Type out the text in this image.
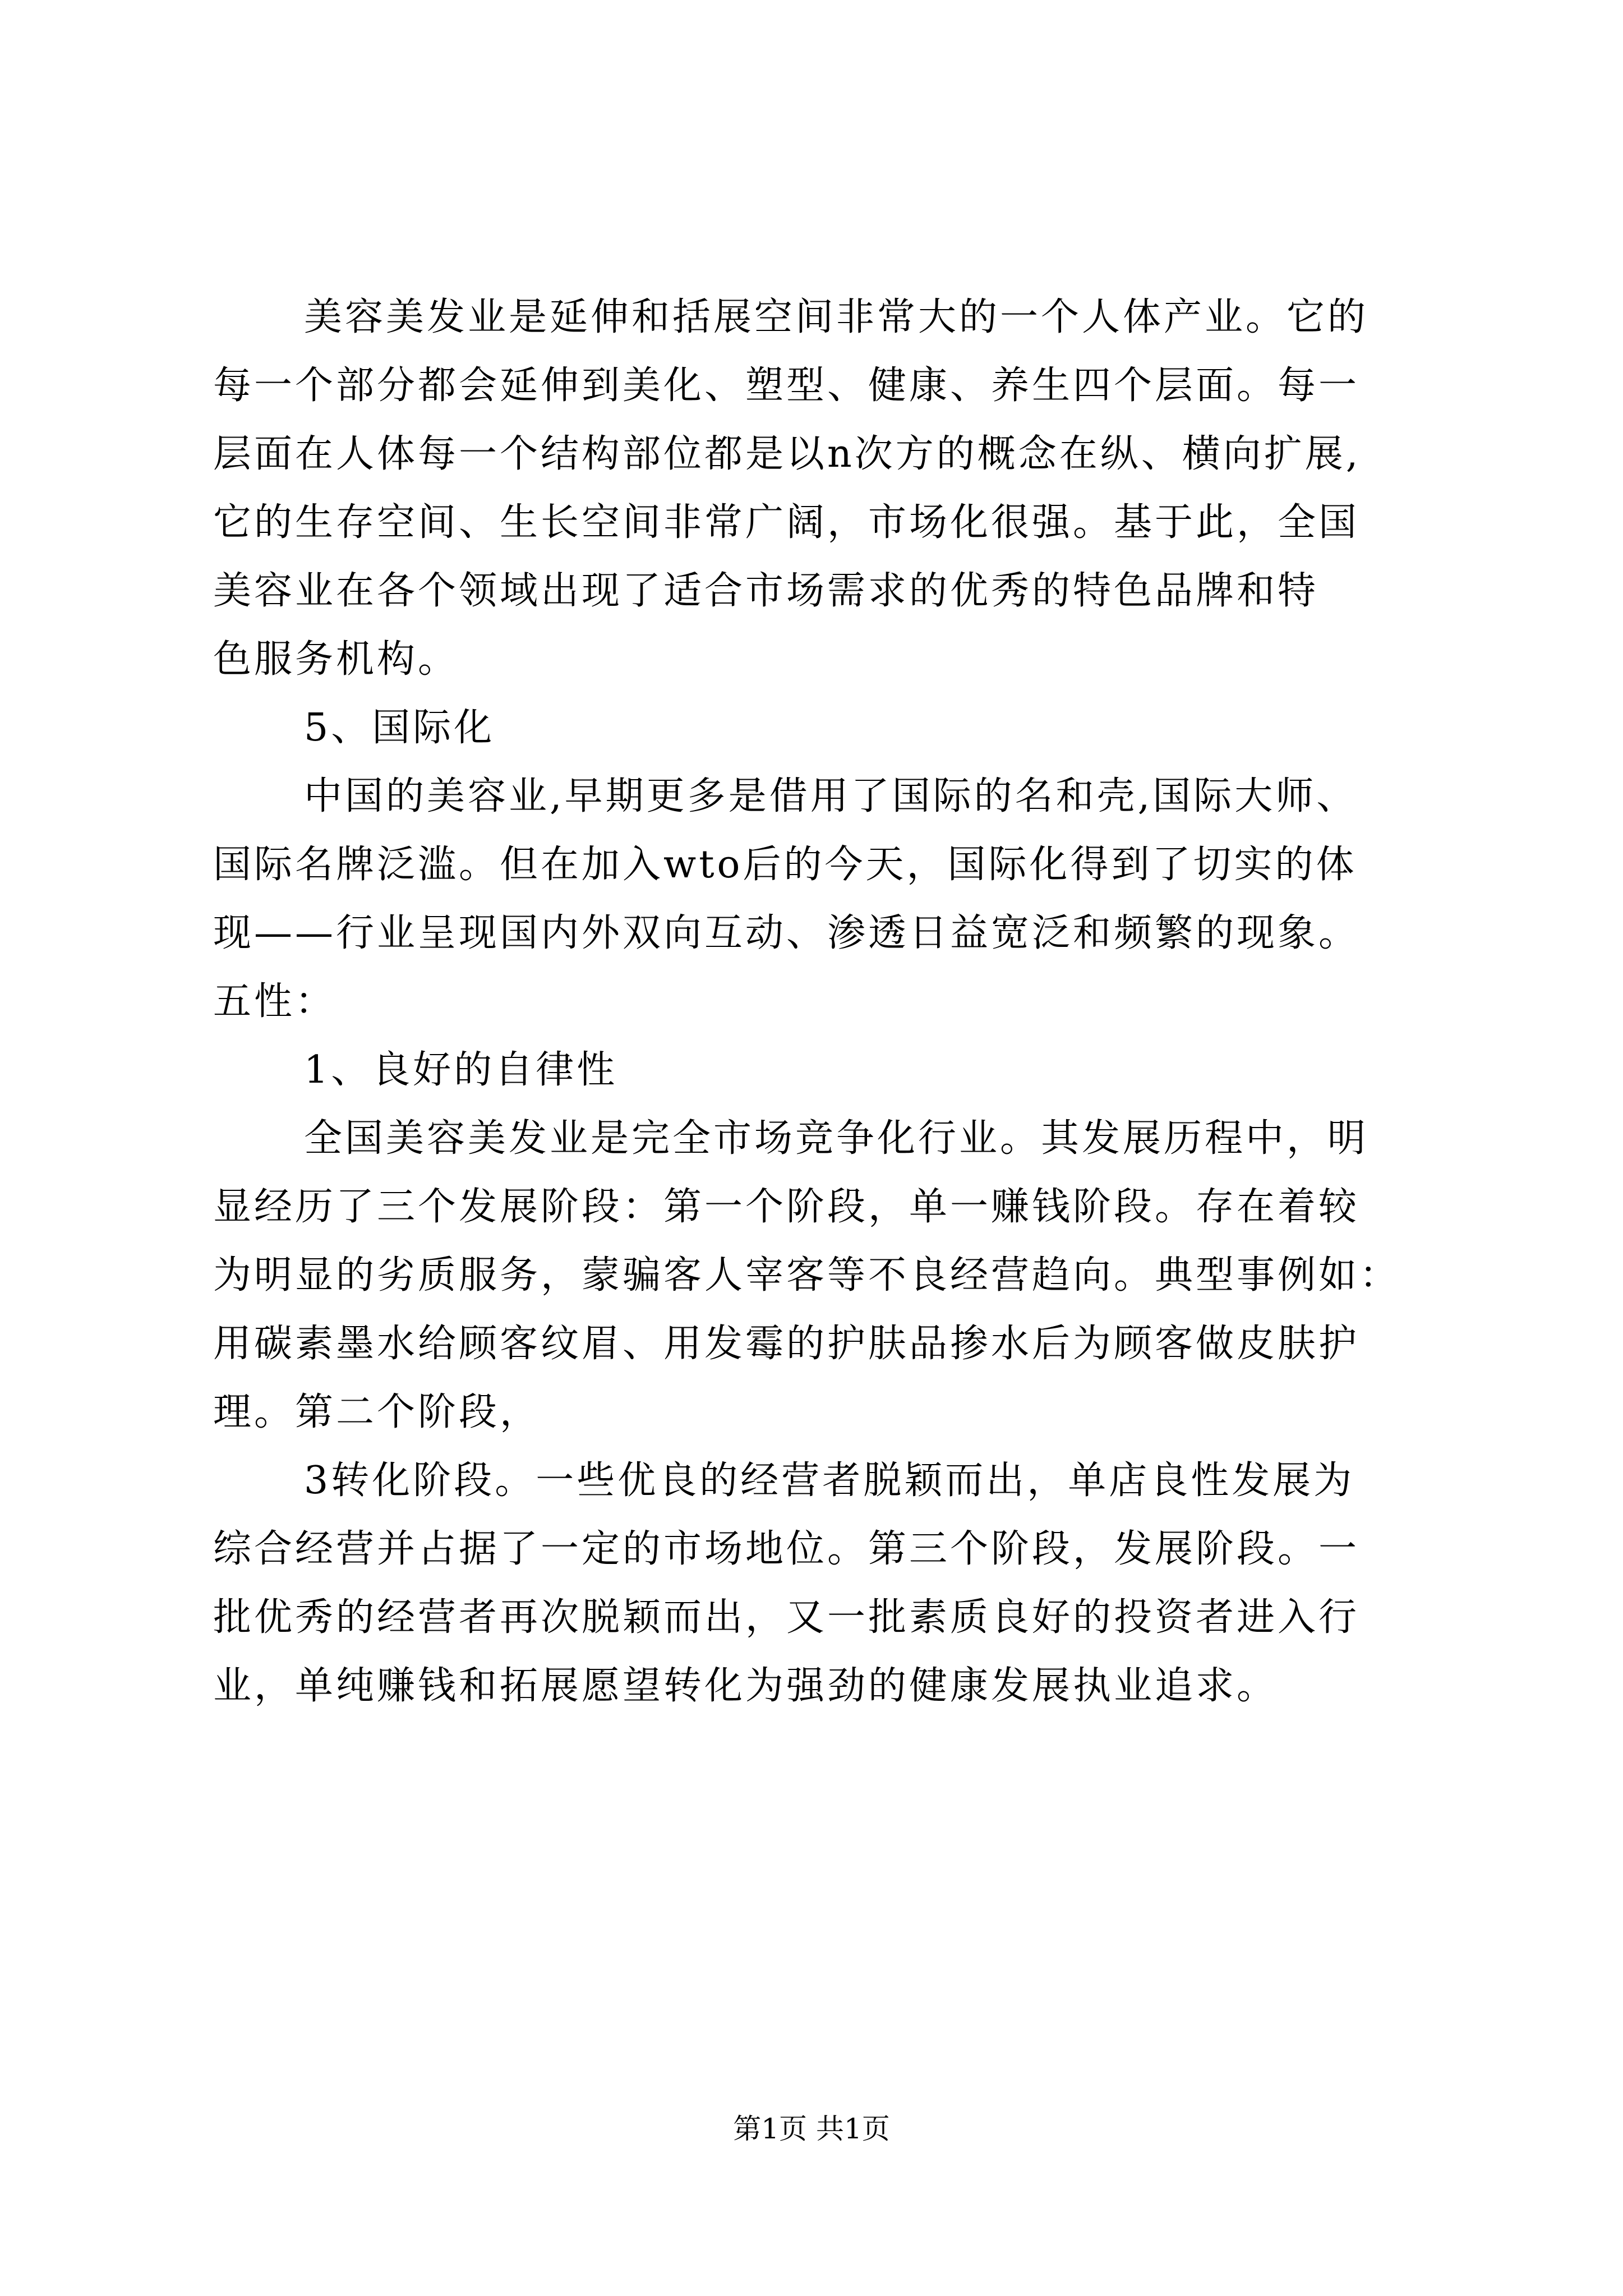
美容美发业是延伸和括展空间非常大的一个人体产业。它的
每一个部分都会延伸到美化、塑型、健康、养生四个层面。每一
层面在人体每一个结构部位都是以n次方的概念在纵、横向扩展,
它的生存空间、生长空间非常广阔，市场化很强。基于此，全国
美容业在各个领域出现了适合市场需求的优秀的特色品牌和特
色服务机构。
5、国际化
中国的美容业,早期更多是借用了国际的名和壳,国际大师、
国际名牌泛滥。但在加入wto后的今天，国际化得到了切实的体
现——行业呈现国内外双向互动、渗透日益宽泛和频繁的现象。
五性：
1、良好的自律性
全国美容美发业是完全市场竞争化行业。其发展历程中，明
显经历了三个发展阶段：第一个阶段，单一赚钱阶段。存在着较
为明显的劣质服务，蒙骗客人宰客等不良经营趋向。典型事例如：
用碳素墨水给顾客纹眉、用发霉的护肤品掺水后为顾客做皮肤护
理。第二个阶段，
3转化阶段。一些优良的经营者脱颖而出，单店良性发展为
综合经营并占据了一定的市场地位。第三个阶段，发展阶段。一
批优秀的经营者再次脱颖而出，又一批素质良好的投资者进入行
业，单纯赚钱和拓展愿望转化为强劲的健康发展执业追求。
第1页 共1页
